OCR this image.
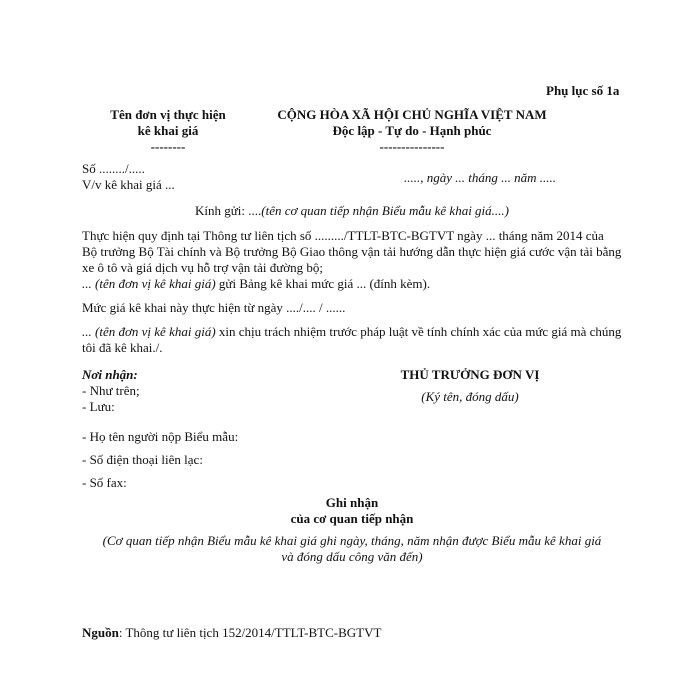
Phụ lục số 1a
Tên đơn vị thực hiện
kê khai giá
--------
CỘNG HÒA XÃ HỘI CHỦ NGHĨA VIỆT NAM
Độc lập - Tự do - Hạnh phúc
---------------
Số ......../.....
V/v kê khai giá ...	....., ngày ... tháng ... năm .....
Kính gửi: ....(tên cơ quan tiếp nhận Biểu mẫu kê khai giá....)
Thực hiện quy định tại Thông tư liên tịch số ........./TTLT-BTC-BGTVT ngày ... tháng năm 2014 của Bộ trưởng Bộ Tài chính và Bộ trưởng Bộ Giao thông vận tải hướng dẫn thực hiện giá cước vận tải bằng xe ô tô và giá dịch vụ hỗ trợ vận tải đường bộ;
... (tên đơn vị kê khai giá) gửi Bảng kê khai mức giá ... (đính kèm).
Mức giá kê khai này thực hiện từ ngày ..../.... / ......
... (tên đơn vị kê khai giá) xin chịu trách nhiệm trước pháp luật về tính chính xác của mức giá mà chúng tôi đã kê khai./.
Nơi nhận:
- Như trên;
- Lưu:
THỦ TRƯỞNG ĐƠN VỊ
(Ký tên, đóng dấu)
- Họ tên người nộp Biểu mẫu:
- Số điện thoại liên lạc:
- Số fax:
Ghi nhận
của cơ quan tiếp nhận
(Cơ quan tiếp nhận Biểu mẫu kê khai giá ghi ngày, tháng, năm nhận được Biểu mẫu kê khai giá
và đóng dấu công văn đến)
Nguồn: Thông tư liên tịch 152/2014/TTLT-BTC-BGTVT
